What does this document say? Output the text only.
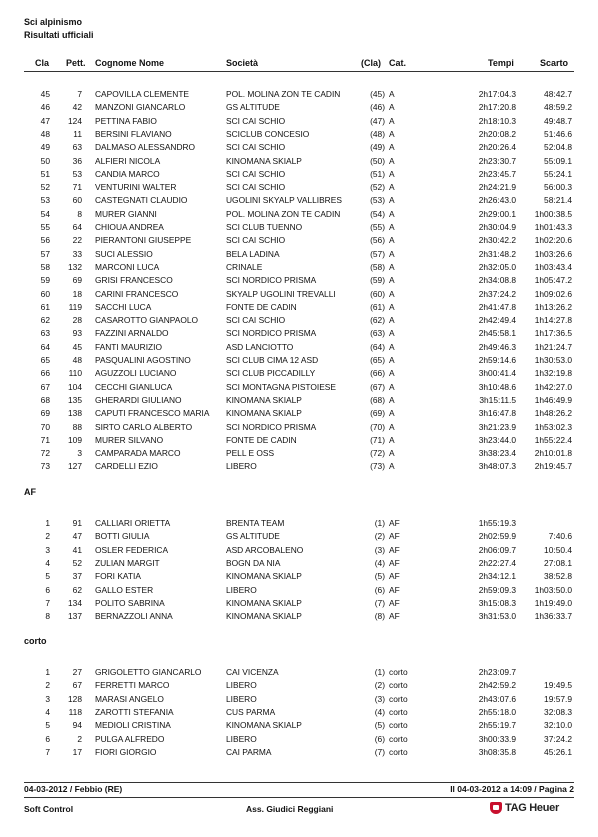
Sci alpinismo
Risultati ufficiali
Cla Pett. Cognome Nome	Società	(Cla) Cat.	Tempi	Scarto
45	7 CAPOVILLA CLEMENTE	POL. MOLINA ZON TE CADIN	(45) A	2h17:04.3	48:42.7
46	42 MANZONI GIANCARLO	GS ALTITUDE	(46) A	2h17:20.8	48:59.2
47	124 PETTINA FABIO	SCI CAI SCHIO	(47) A	2h18:10.3	49:48.7
48	11 BERSINI FLAVIANO	SCICLUB CONCESIO	(48) A	2h20:08.2	51:46.6
49	63 DALMASO ALESSANDRO	SCI CAI SCHIO	(49) A	2h20:26.4	52:04.8
50	36 ALFIERI NICOLA	KINOMANA SKIALP	(50) A	2h23:30.7	55:09.1
51	53 CANDIA MARCO	SCI CAI SCHIO	(51) A	2h23:45.7	55:24.1
52	71 VENTURINI WALTER	SCI CAI SCHIO	(52) A	2h24:21.9	56:00.3
53	60 CASTEGNATI CLAUDIO	UGOLINI SKYALP VALLIBRES	(53) A	2h26:43.0	58:21.4
54	8 MURER GIANNI	POL. MOLINA ZON TE CADIN	(54) A	2h29:00.1	1h00:38.5
55	64 CHIOUA ANDREA	SCI CLUB TUENNO	(55) A	2h30:04.9	1h01:43.3
56	22 PIERANTONI GIUSEPPE	SCI CAI SCHIO	(56) A	2h30:42.2	1h02:20.6
57	33 SUCI ALESSIO	BELA LADINA	(57) A	2h31:48.2	1h03:26.6
58	132 MARCONI LUCA	CRINALE	(58) A	2h32:05.0	1h03:43.4
59	69 GRISI FRANCESCO	SCI NORDICO PRISMA	(59) A	2h34:08.8	1h05:47.2
60	18 CARINI FRANCESCO	SKYALP UGOLINI TREVALLI	(60) A	2h37:24.2	1h09:02.6
61	119 SACCHI LUCA	FONTE DE CADIN	(61) A	2h41:47.8	1h13:26.2
62	28 CASAROTTO GIANPAOLO	SCI CAI SCHIO	(62) A	2h42:49.4	1h14:27.8
63	93 FAZZINI ARNALDO	SCI NORDICO PRISMA	(63) A	2h45:58.1	1h17:36.5
64	45 FANTI MAURIZIO	ASD LANCIOTTO	(64) A	2h49:46.3	1h21:24.7
65	48 PASQUALINI AGOSTINO	SCI CLUB CIMA 12 ASD	(65) A	2h59:14.6	1h30:53.0
66	110 AGUZZOLI LUCIANO	SCI CLUB PICCADILLY	(66) A	3h00:41.4	1h32:19.8
67	104 CECCHI GIANLUCA	SCI MONTAGNA PISTOIESE	(67) A	3h10:48.6	1h42:27.0
68	135 GHERARDI GIULIANO	KINOMANA SKIALP	(68) A	3h15:11.5	1h46:49.9
69	138 CAPUTI FRANCESCO MARIA	KINOMANA SKIALP	(69) A	3h16:47.8	1h48:26.2
70	88 SIRTO CARLO ALBERTO	SCI NORDICO PRISMA	(70) A	3h21:23.9	1h53:02.3
71	109 MURER SILVANO	FONTE DE CADIN	(71) A	3h23:44.0	1h55:22.4
72	3 CAMPARADA MARCO	PELL E OSS	(72) A	3h38:23.4	2h10:01.8
73	127 CARDELLI EZIO	LIBERO	(73) A	3h48:07.3	2h19:45.7
AF
1	91 CALLIARI ORIETTA	BRENTA TEAM	(1) AF	1h55:19.3
2	47 BOTTI GIULIA	GS ALTITUDE	(2) AF	2h02:59.9	7:40.6
3	41 OSLER FEDERICA	ASD ARCOBALENO	(3) AF	2h06:09.7	10:50.4
4	52 ZULIAN MARGIT	BOGN DA NIA	(4) AF	2h22:27.4	27:08.1
5	37 FORI KATIA	KINOMANA SKIALP	(5) AF	2h34:12.1	38:52.8
6	62 GALLO ESTER	LIBERO	(6) AF	2h59:09.3	1h03:50.0
7	134 POLITO SABRINA	KINOMANA SKIALP	(7) AF	3h15:08.3	1h19:49.0
8	137 BERNAZZOLI ANNA	KINOMANA SKIALP	(8) AF	3h31:53.0	1h36:33.7
corto
1	27 GRIGOLETTO GIANCARLO	CAI VICENZA	(1) corto	2h23:09.7
2	67 FERRETTI MARCO	LIBERO	(2) corto	2h42:59.2	19:49.5
3	128 MARASI ANGELO	LIBERO	(3) corto	2h43:07.6	19:57.9
4	118 ZAROTTI STEFANIA	CUS PARMA	(4) corto	2h55:18.0	32:08.3
5	94 MEDIOLI CRISTINA	KINOMANA SKIALP	(5) corto	2h55:19.7	32:10.0
6	2 PULGA ALFREDO	LIBERO	(6) corto	3h00:33.9	37:24.2
7	17 FIORI GIORGIO	CAI PARMA	(7) corto	3h08:35.8	45:26.1
04-03-2012 / Febbio (RE)	Il 04-03-2012 a 14:09 / Pagina 2
Soft Control	Ass. Giudici Reggiani	TAG Heuer
